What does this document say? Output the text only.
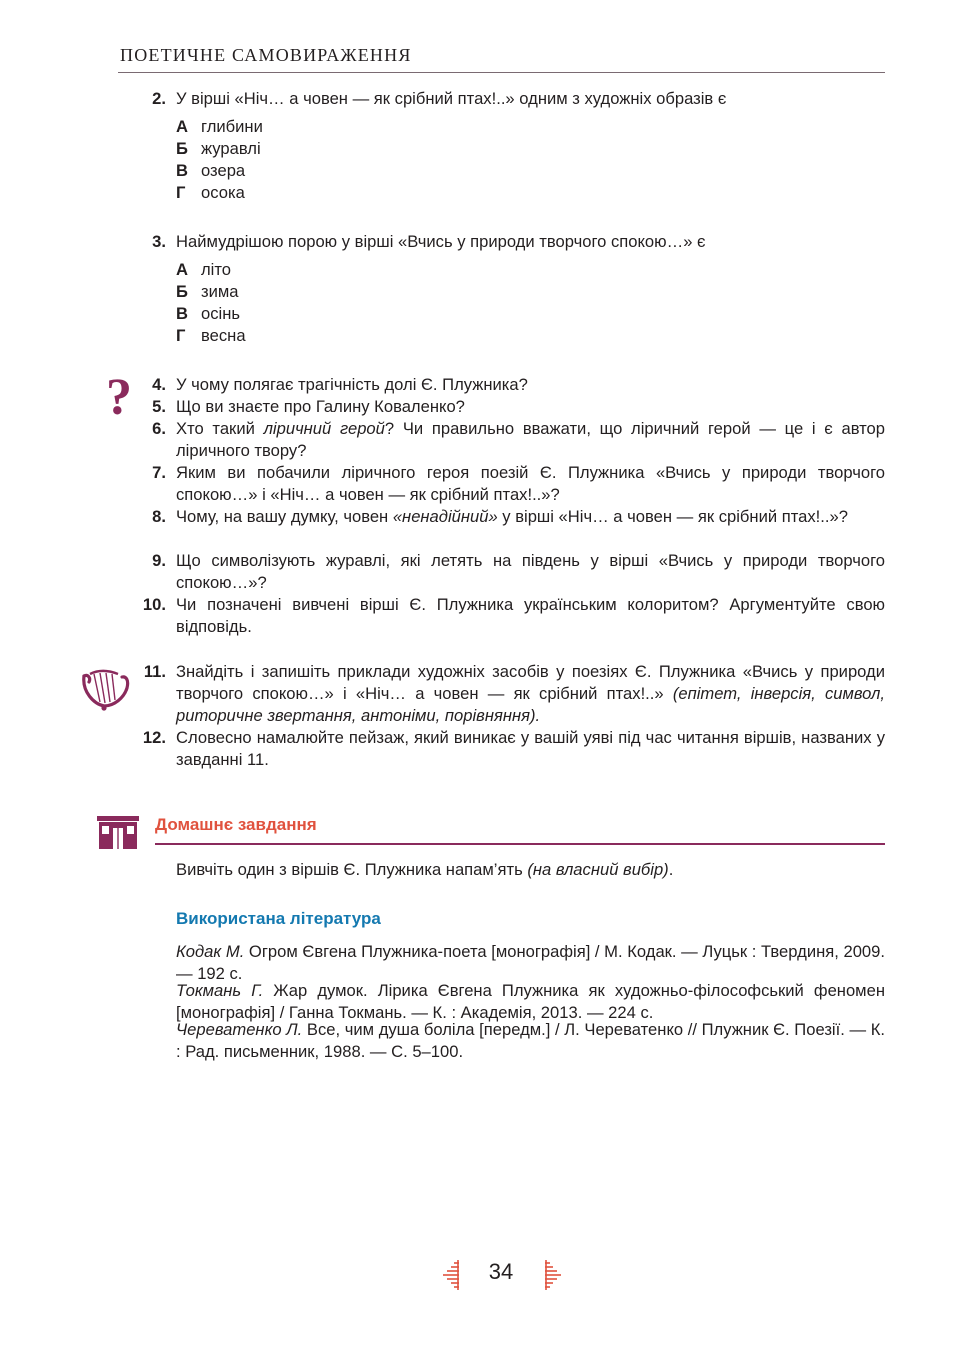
ПОЕТИЧНЕ САМОВИРАЖЕННЯ
2. У вірші «Ніч… а човен — як срібний птах!..» одним з художніх образів є
А глибини
Б журавлі
В озера
Г осока
3. Наймудрішою порою у вірші «Вчись у природи творчого спокою…» є
А літо
Б зима
В осінь
Г весна
?	4. У чому полягає трагічність долі Є. Плужника?
5. Що ви знаєте про Галину Коваленко?
6. Хто такий ліричний герой? Чи правильно вважати, що ліричний герой — це і є автор ліричного твору?
7. Яким ви побачили ліричного героя поезій Є. Плужника «Вчись у природи творчого спокою…» і «Ніч… а човен — як срібний птах!..»?
8. Чому, на вашу думку, човен «ненадійний» у вірші «Ніч… а човен — як срібний птах!..»?
9. Що символізують журавлі, які летять на південь у вірші «Вчись у природи творчого спокою…»?
10. Чи позначені вивчені вірші Є. Плужника українським колоритом? Аргументуйте свою відповідь.
11. Знайдіть і запишіть приклади художніх засобів у поезіях Є. Плужника «Вчись у природи творчого спокою…» і «Ніч… а човен — як срібний птах!..» (епітет, інверсія, символ, риторичне звертання, антоніми, порівняння).
12. Словесно намалюйте пейзаж, який виникає у вашій уяві під час читання віршів, названих у завданні 11.
Домашнє завдання
Вивчіть один з віршів Є. Плужника напам’ять (на власний вибір).
Використана література
Кодак М. Огром Євгена Плужника-поета [монографія] / М. Кодак. — Луцьк : Твердиня, 2009. — 192 с.
Токмань Г. Жар думок. Лірика Євгена Плужника як художньо-філософський феномен [монографія] / Ганна Токмань. — К. : Академія, 2013. — 224 с.
Череватенко Л. Все, чим душа боліла [передм.] / Л. Череватенко // Плужник Є. Поезії. — К. : Рад. письменник, 1988. — С. 5–100.
34
